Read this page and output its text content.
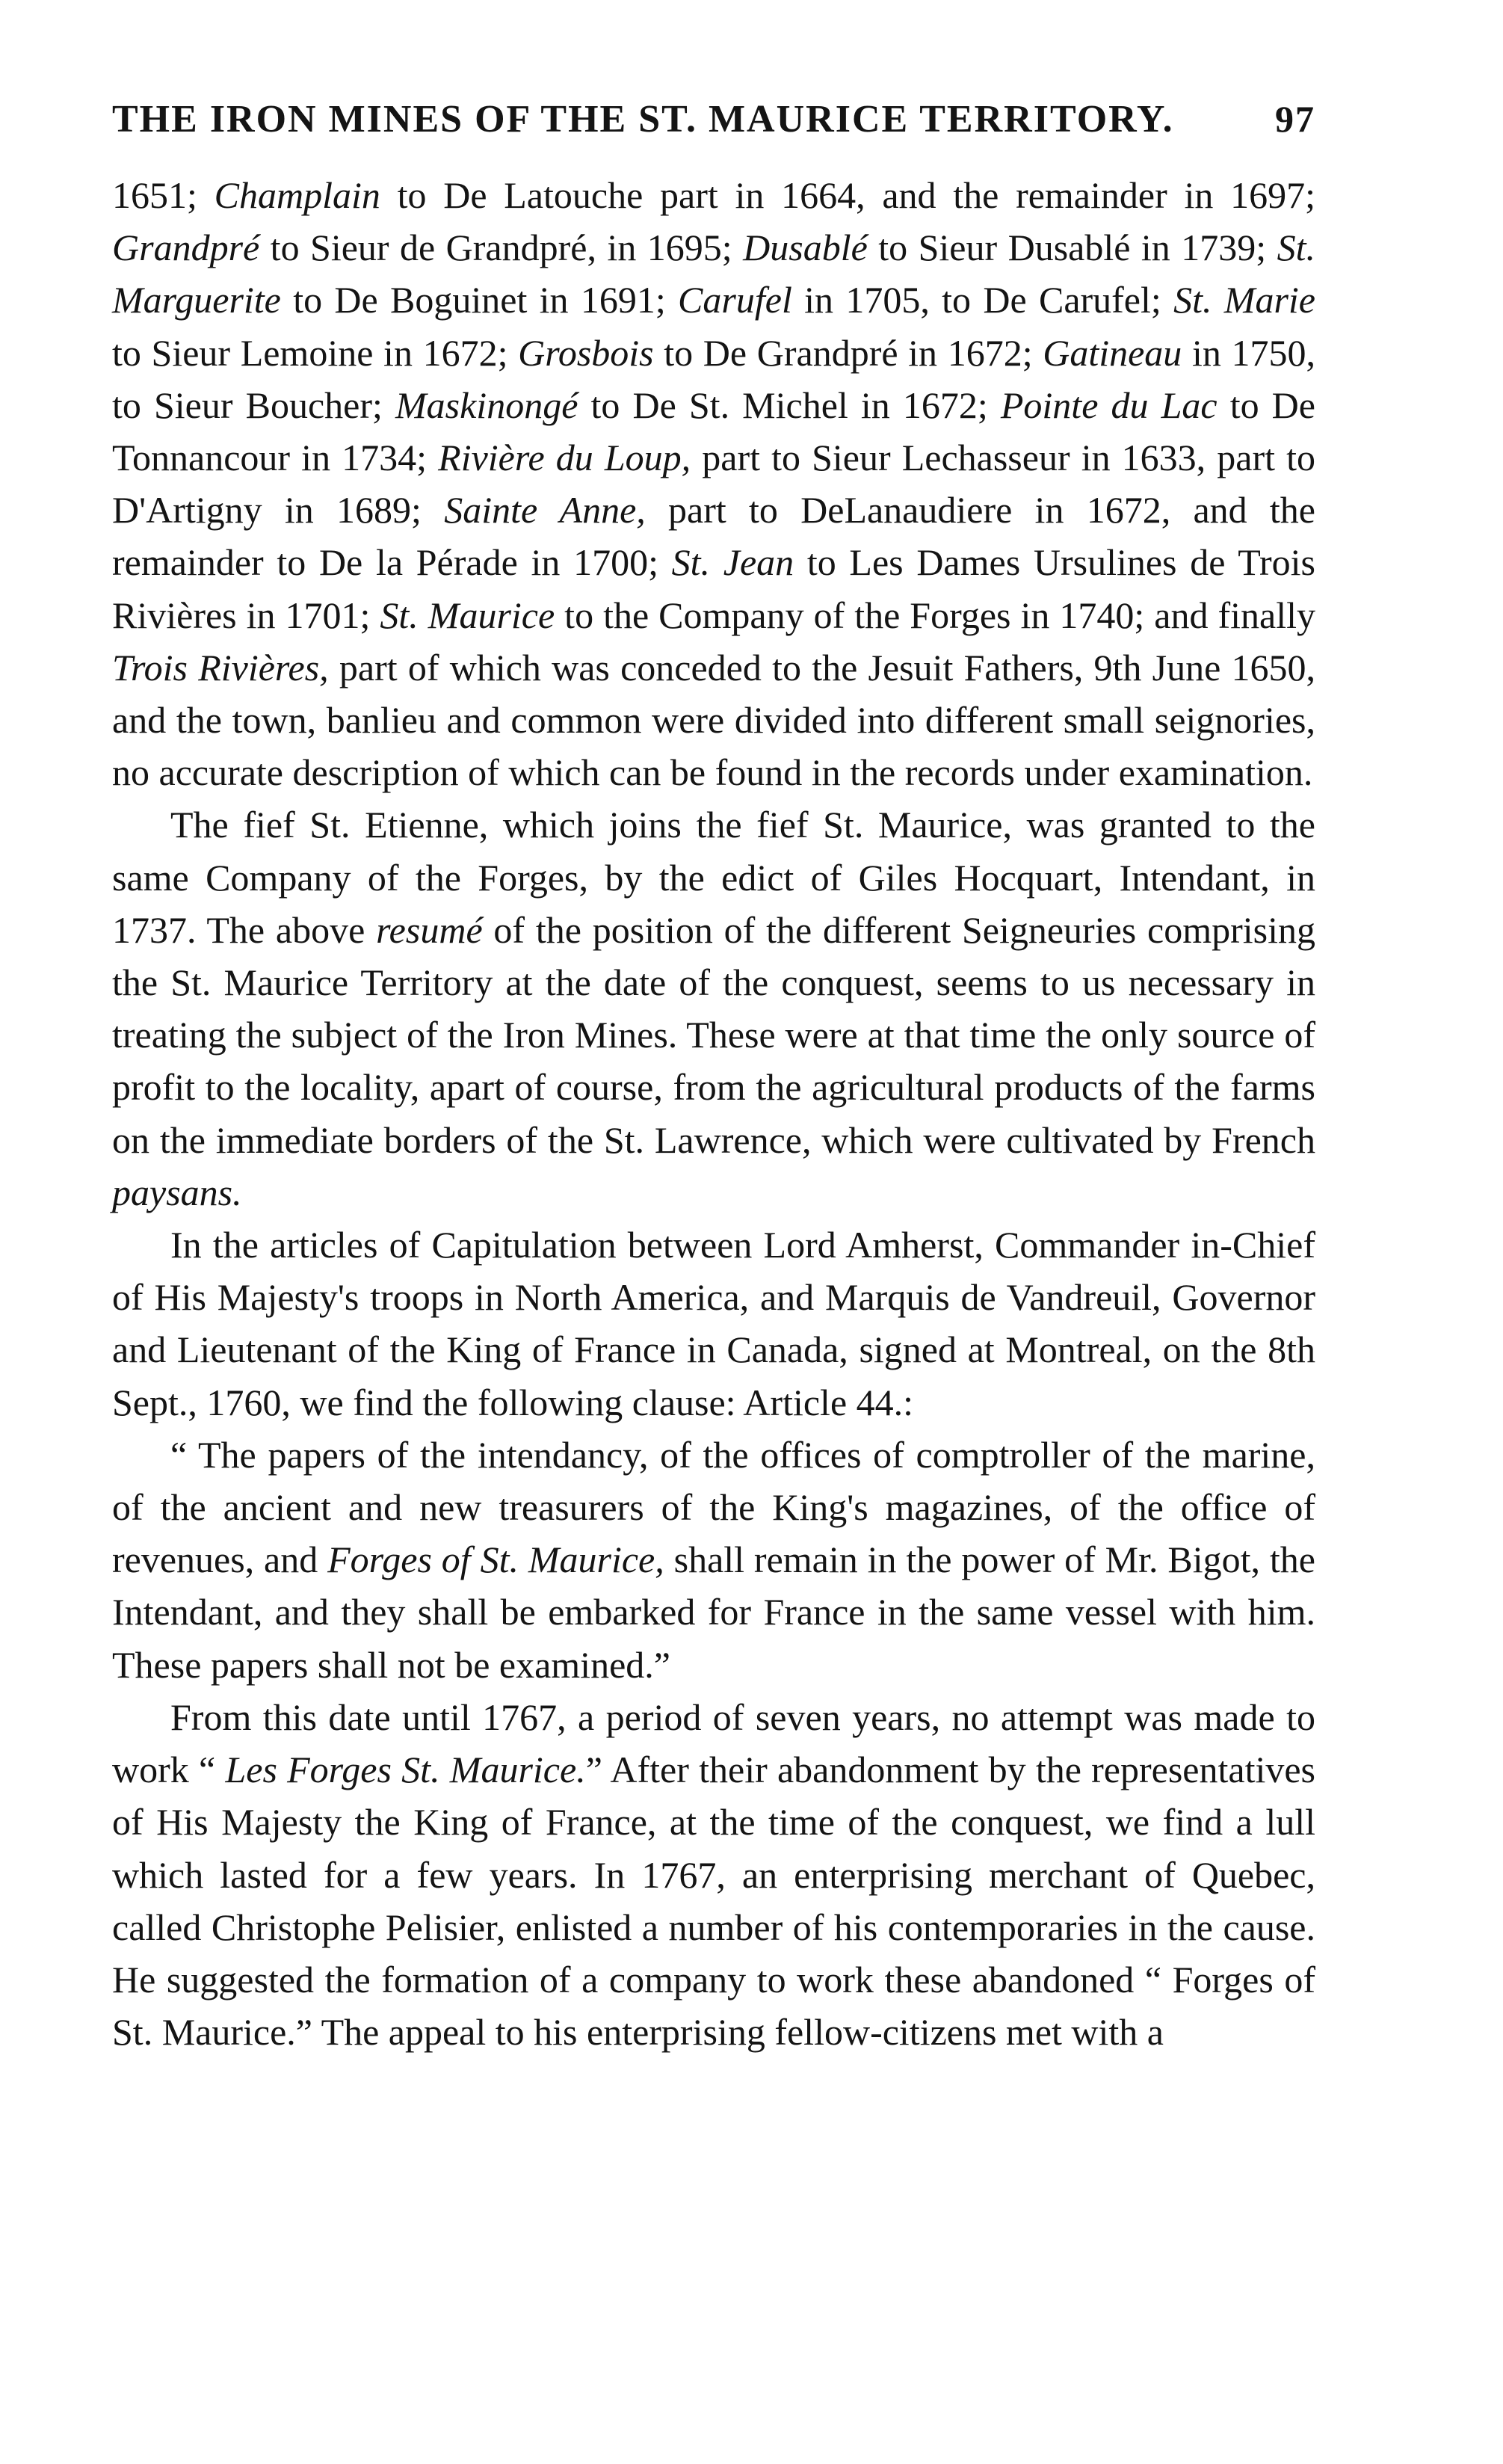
THE IRON MINES OF THE ST. MAURICE TERRITORY.	97

1651; Champlain to De Latouche part in 1664, and the remainder in 1697; Grandpré to Sieur de Grandpré, in 1695; Dusablé to Sieur Dusablé in 1739; St. Marguerite to De Boguinet in 1691; Carufel in 1705, to De Carufel; St. Marie to Sieur Lemoine in 1672; Grosbois to De Grandpré in 1672; Gatineau in 1750, to Sieur Boucher; Maskinongé to De St. Michel in 1672; Pointe du Lac to De Tonnancour in 1734; Rivière du Loup, part to Sieur Lechasseur in 1633, part to D'Artigny in 1689; Sainte Anne, part to DeLanaudiere in 1672, and the remainder to De la Pérade in 1700; St. Jean to Les Dames Ursulines de Trois Rivières in 1701; St. Maurice to the Company of the Forges in 1740; and finally Trois Rivières, part of which was conceded to the Jesuit Fathers, 9th June 1650, and the town, banlieu and common were divided into different small seignories, no accurate description of which can be found in the records under examination.

The fief St. Etienne, which joins the fief St. Maurice, was granted to the same Company of the Forges, by the edict of Giles Hocquart, Intendant, in 1737. The above resumé of the position of the different Seigneuries comprising the St. Maurice Territory at the date of the conquest, seems to us necessary in treating the subject of the Iron Mines. These were at that time the only source of profit to the locality, apart of course, from the agricultural products of the farms on the immediate borders of the St. Lawrence, which were cultivated by French paysans.

In the articles of Capitulation between Lord Amherst, Commander in-Chief of His Majesty's troops in North America, and Marquis de Vandreuil, Governor and Lieutenant of the King of France in Canada, signed at Montreal, on the 8th Sept., 1760, we find the following clause: Article 44.:

“ The papers of the intendancy, of the offices of comptroller of the marine, of the ancient and new treasurers of the King's magazines, of the office of revenues, and Forges of St. Maurice, shall remain in the power of Mr. Bigot, the Intendant, and they shall be embarked for France in the same vessel with him. These papers shall not be examined.”

From this date until 1767, a period of seven years, no attempt was made to work “ Les Forges St. Maurice.” After their abandonment by the representatives of His Majesty the King of France, at the time of the conquest, we find a lull which lasted for a few years. In 1767, an enterprising merchant of Quebec, called Christophe Pelisier, enlisted a number of his contemporaries in the cause. He suggested the formation of a company to work these abandoned “ Forges of St. Maurice.” The appeal to his enterprising fellow-citizens met with a
